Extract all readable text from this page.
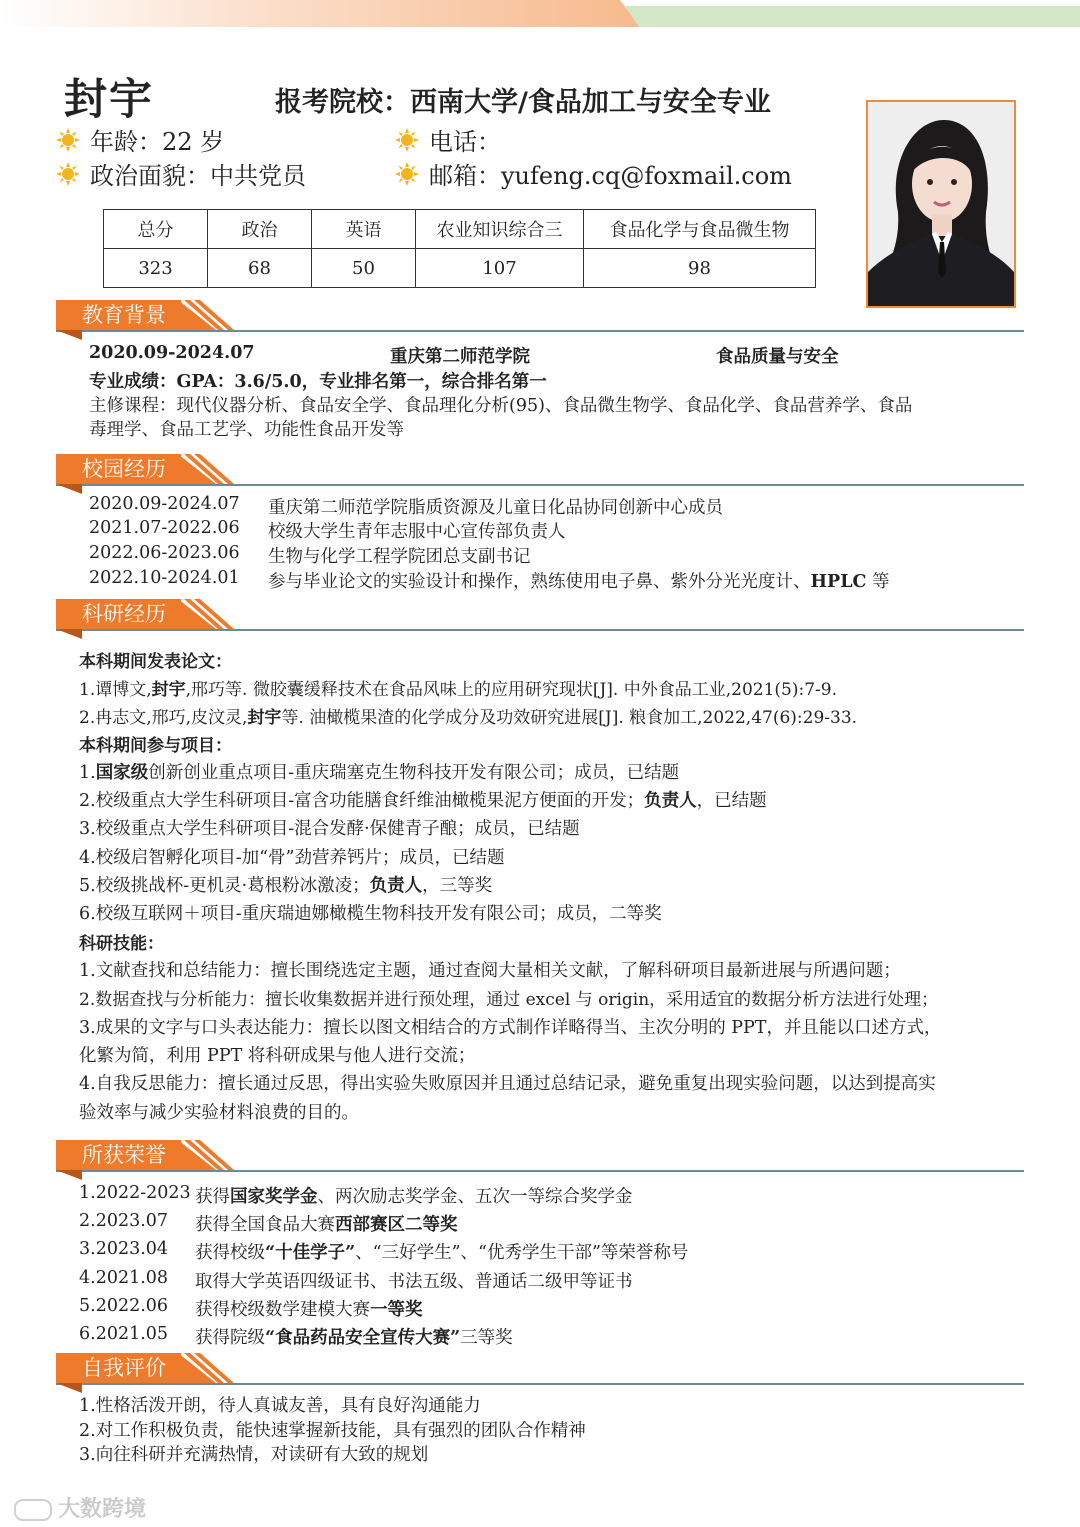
封宇	报考院校：西南大学/食品加工与安全专业
年龄：22 岁
政治面貌：中共党员
电话：
邮箱：yufeng.cq@foxmail.com
总分	政治	英语	农业知识综合三	食品化学与食品微生物
323	68	50	107	98
教育背景
2020.09-2024.07	重庆第二师范学院	食品质量与安全
专业成绩：GPA：3.6/5.0，专业排名第一，综合排名第一
主修课程：现代仪器分析、食品安全学、食品理化分析(95)、食品微生物学、食品化学、食品营养学、食品
毒理学、食品工艺学、功能性食品开发等
校园经历
2020.09-2024.07 重庆第二师范学院脂质资源及儿童日化品协同创新中心成员
2021.07-2022.06 校级大学生青年志服中心宣传部负责人
2022.06-2023.06 生物与化学工程学院团总支副书记
2022.10-2024.01 参与毕业论文的实验设计和操作，熟练使用电子鼻、紫外分光光度计、HPLC 等
科研经历
本科期间发表论文：
1.谭博文,封宇,邢巧等. 微胶囊缓释技术在食品风味上的应用研究现状[J]. 中外食品工业,2021(5):7-9.
2.冉志文,邢巧,皮汶灵,封宇等. 油橄榄果渣的化学成分及功效研究进展[J]. 粮食加工,2022,47(6):29-33.
本科期间参与项目：
1.国家级创新创业重点项目-重庆瑞塞克生物科技开发有限公司；成员，已结题
2.校级重点大学生科研项目-富含功能膳食纤维油橄榄果泥方便面的开发；负责人，已结题
3.校级重点大学生科研项目-混合发酵·保健青子酿；成员，已结题
4.校级启智孵化项目-加“骨”劲营养钙片；成员，已结题
5.校级挑战杯-更机灵·葛根粉冰激凌；负责人，三等奖
6.校级互联网＋项目-重庆瑞迪娜橄榄生物科技开发有限公司；成员，二等奖
科研技能：
1.文献查找和总结能力：擅长围绕选定主题，通过查阅大量相关文献，了解科研项目最新进展与所遇问题；
2.数据查找与分析能力：擅长收集数据并进行预处理，通过 excel 与 origin，采用适宜的数据分析方法进行处理；
3.成果的文字与口头表达能力：擅长以图文相结合的方式制作详略得当、主次分明的 PPT，并且能以口述方式，
化繁为简，利用 PPT 将科研成果与他人进行交流；
4.自我反思能力：擅长通过反思，得出实验失败原因并且通过总结记录，避免重复出现实验问题，以达到提高实
验效率与减少实验材料浪费的目的。
所获荣誉
1.2022-2023 获得国家奖学金、两次励志奖学金、五次一等综合奖学金
2.2023.07 获得全国食品大赛西部赛区二等奖
3.2023.04 获得校级“十佳学子”、“三好学生”、“优秀学生干部”等荣誉称号
4.2021.08 取得大学英语四级证书、书法五级、普通话二级甲等证书
5.2022.06 获得校级数学建模大赛一等奖
6.2021.05 获得院级“食品药品安全宣传大赛”三等奖
自我评价
1.性格活泼开朗，待人真诚友善，具有良好沟通能力
2.对工作积极负责，能快速掌握新技能，具有强烈的团队合作精神
3.向往科研并充满热情，对读研有大致的规划
大数跨境
